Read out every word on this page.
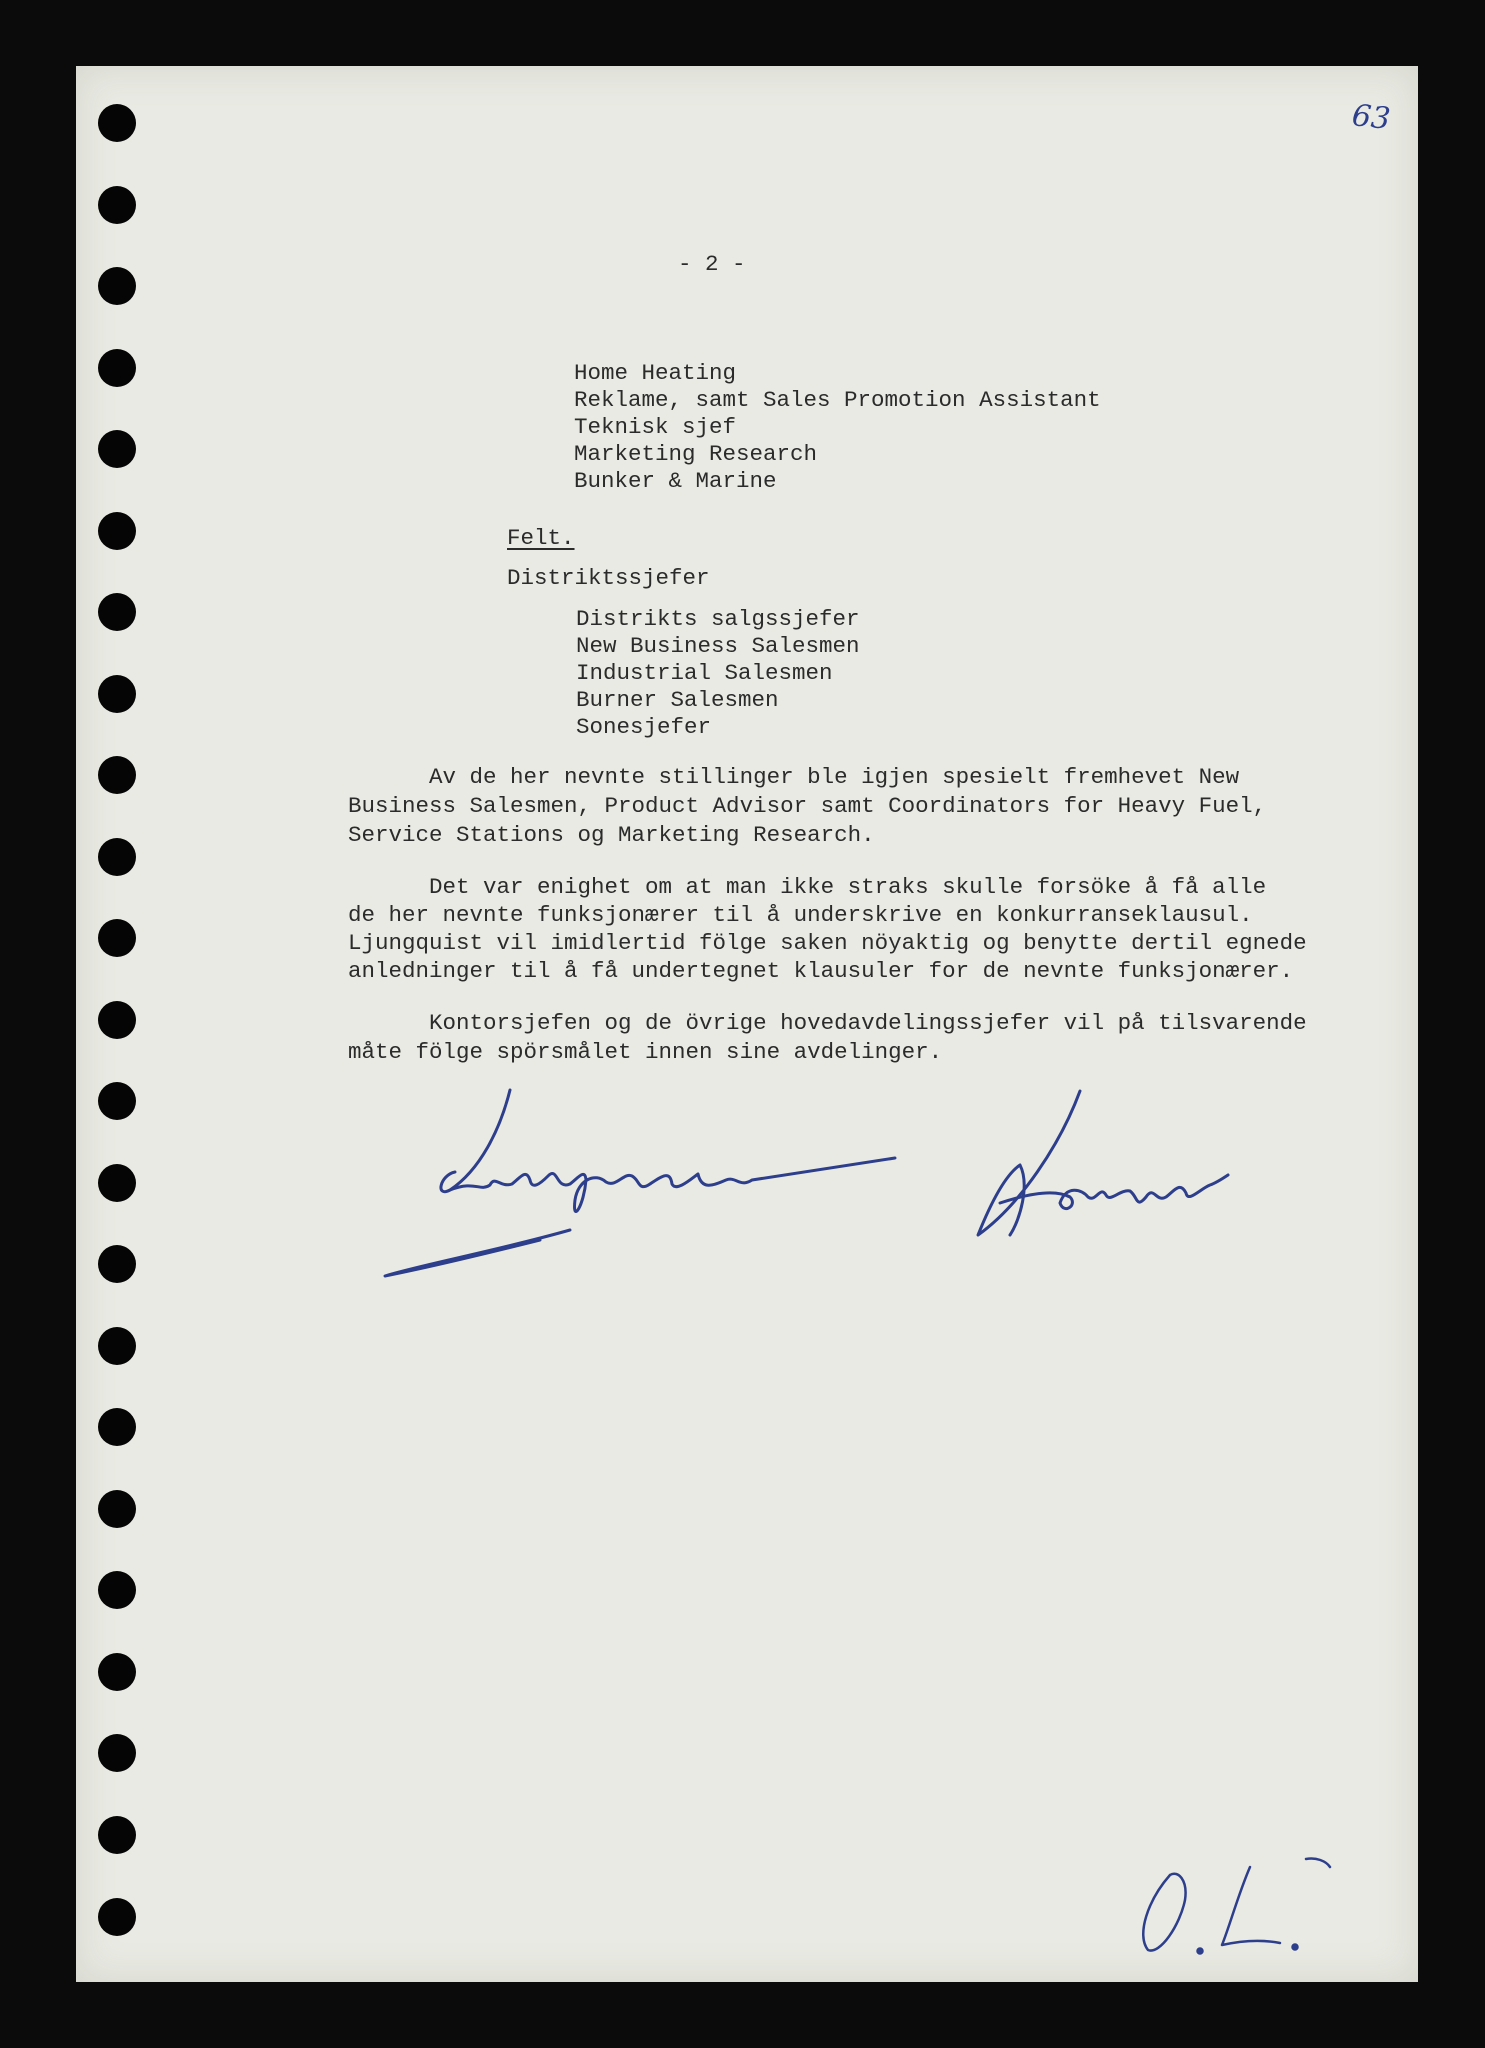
63
- 2 -
Home Heating
Reklame, samt Sales Promotion Assistant
Teknisk sjef
Marketing Research
Bunker & Marine
Felt.
Distriktssjefer
Distrikts salgssjefer
New Business Salesmen
Industrial Salesmen
Burner Salesmen
Sonesjefer
Av de her nevnte stillinger ble igjen spesielt fremhevet New
Business Salesmen, Product Advisor samt Coordinators for Heavy Fuel,
Service Stations og Marketing Research.
Det var enighet om at man ikke straks skulle forsöke å få alle
de her nevnte funksjonærer til å underskrive en konkurranseklausul.
Ljungquist vil imidlertid fölge saken nöyaktig og benytte dertil egnede
anledninger til å få undertegnet klausuler for de nevnte funksjonærer.
Kontorsjefen og de övrige hovedavdelingssjefer vil på tilsvarende
måte fölge spörsmålet innen sine avdelinger.
